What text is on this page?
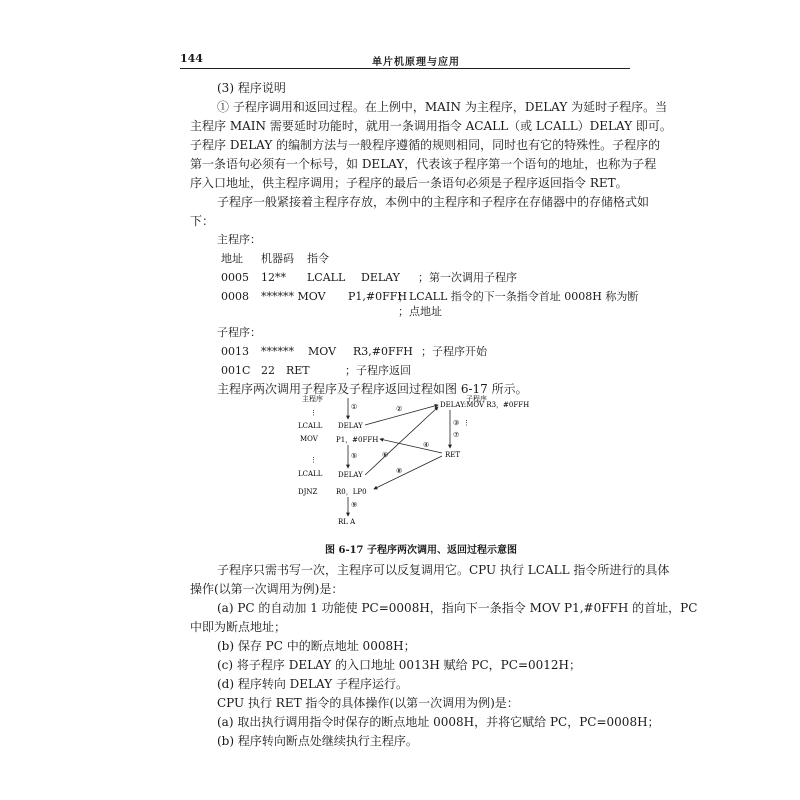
144	单片机原理与应用
(3) 程序说明
① 子程序调用和返回过程。在上例中，MAIN 为主程序，DELAY 为延时子程序。当
主程序 MAIN 需要延时功能时，就用一条调用指令 ACALL（或 LCALL）DELAY 即可。
子程序 DELAY 的编制方法与一般程序遵循的规则相同，同时也有它的特殊性。子程序的
第一条语句必须有一个标号，如 DELAY，代表该子程序第一个语句的地址，也称为子程
序入口地址，供主程序调用；子程序的最后一条语句必须是子程序返回指令 RET。
子程序一般紧接着主程序存放，本例中的主程序和子程序在存储器中的存储格式如
下：
主程序：
地址 机器码 指令
0005 12** LCALL DELAY ；第一次调用子程序
0008 ****** MOV P1,#0FFH
；LCALL 指令的下一条指令首址 0008H 称为断
；点地址
子程序：
0013 ****** MOV R3,#0FFH ；子程序开始
001C 22 RET	；子程序返回
主程序两次调用子程序及子程序返回过程如图 6-17 所示。
主程序	子程序
⋮
LCALL
MOV
⋮
LCALL
DJNZ
DELAY
P1，#0FFH
DELAY
R0，LP0
RL A
DELAY:MOV R3，#0FFH
⋮
RET
①	②
③
④
⑤	⑥
⑦
⑧
⑨
图 6-17 子程序两次调用、返回过程示意图
子程序只需书写一次，主程序可以反复调用它。CPU 执行 LCALL 指令所进行的具体
操作(以第一次调用为例)是：
(a) PC 的自动加 1 功能使 PC=0008H，指向下一条指令 MOV P1,#0FFH 的首址，PC
中即为断点地址；
(b) 保存 PC 中的断点地址 0008H；
(c) 将子程序 DELAY 的入口地址 0013H 赋给 PC，PC=0012H；
(d) 程序转向 DELAY 子程序运行。
CPU 执行 RET 指令的具体操作(以第一次调用为例)是：
(a) 取出执行调用指令时保存的断点地址 0008H，并将它赋给 PC，PC=0008H；
(b) 程序转向断点处继续执行主程序。
